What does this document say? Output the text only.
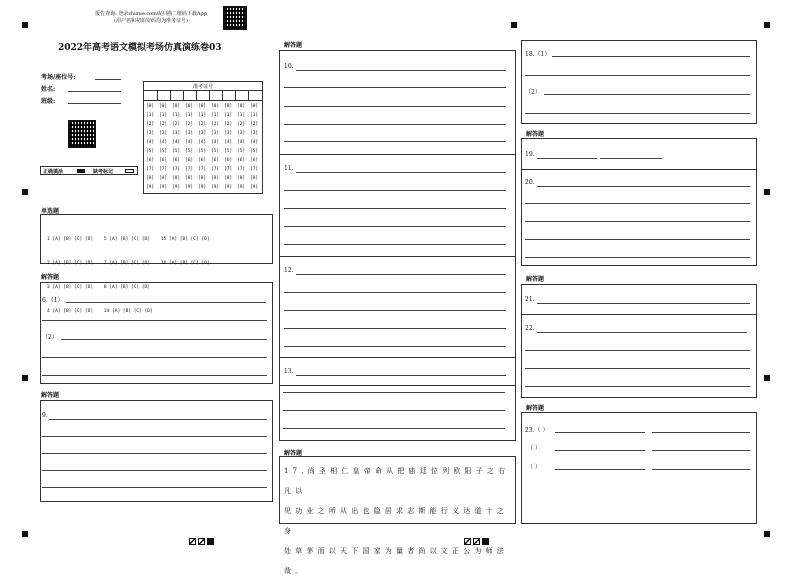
报告查询: 登录zhixue.com或扫描二维码下载App
(用户名和初始密码均为准考证号)
2022年高考语文模拟考场仿真演练卷03
考场/座位号:
姓名:
班级:
准考证号
[0]
[1]
[2]
[3]
[4]
[5]
[6]
[7]
[8]
[9]
[0]
[1]
[2]
[3]
[4]
[5]
[6]
[7]
[8]
[9]
[0]
[1]
[2]
[3]
[4]
[5]
[6]
[7]
[8]
[9]
[0]
[1]
[2]
[3]
[4]
[5]
[6]
[7]
[8]
[9]
[0]
[1]
[2]
[3]
[4]
[5]
[6]
[7]
[8]
[9]
[0]
[1]
[2]
[3]
[4]
[5]
[6]
[7]
[8]
[9]
[0]
[1]
[2]
[3]
[4]
[5]
[6]
[7]
[8]
[9]
[0]
[1]
[2]
[3]
[4]
[5]
[6]
[7]
[8]
[9]
[0]
[1]
[2]
[3]
[4]
[5]
[6]
[7]
[8]
[9]
正确填涂	缺考标记
单选题

1 [A] [B] [C] [D]    5 [A] [B] [C] [D]    15 [A] [B] [C] [D]

2 [A] [B] [C] [D]    7 [A] [B] [C] [D]    16 [A] [B] [C] [D]

3 [A] [B] [C] [D]    8 [A] [B] [C] [D]

4 [A] [B] [C] [D]    14 [A] [B] [C] [D]

解答题
6.（1）
（2）
解答题
9.
解答题
10.
11.
12.
13.
解答题
17.尚圣相仁皇帝命从把庙廷位列欧阳子之右凡以
见功业之所从出也隐居求志斯能行义达道十之身
处草茅而以天下国家为量者尚以文正公为师法哉。
18.（1）
（2）
解答题
19.
20.
解答题
21.
22.
解答题
23.（ ）
（ ）
（ ）
